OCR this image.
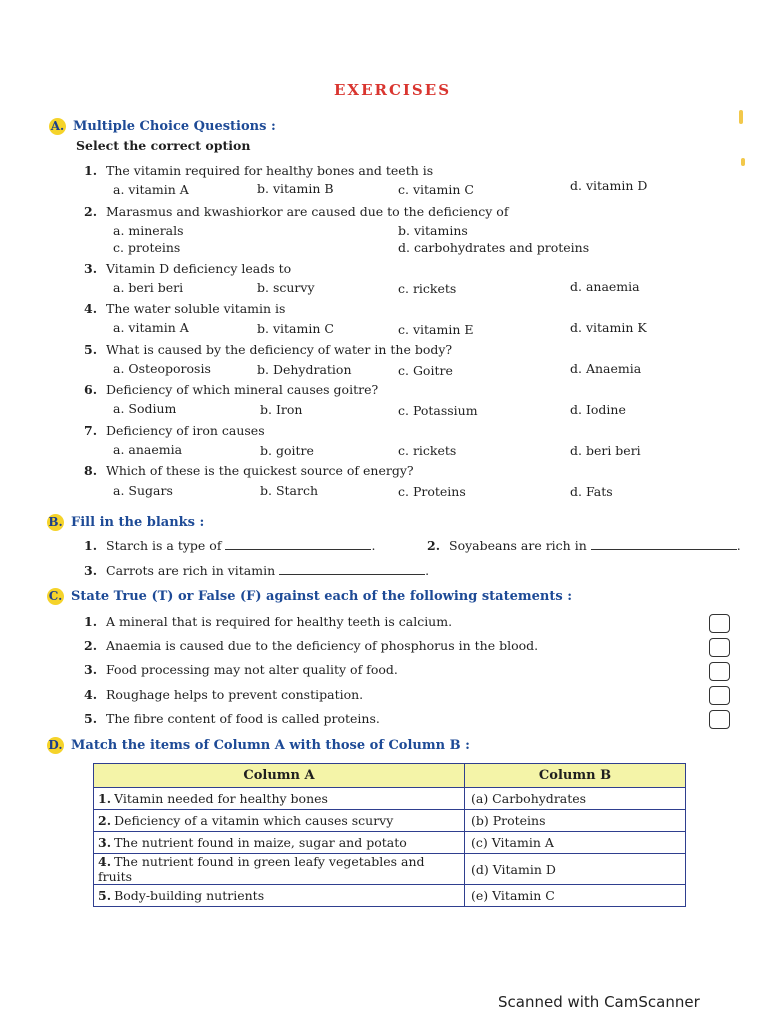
EXERCISES
A. Multiple Choice Questions :
Select the correct option
1. The vitamin required for healthy bones and teeth is
a. vitamin A	b. vitamin B	c. vitamin C	d. vitamin D
2. Marasmus and kwashiorkor are caused due to the deficiency of
a. minerals	b. vitamins
c. proteins	d. carbohydrates and proteins
3. Vitamin D deficiency leads to
a. beri beri	b. scurvy	c. rickets	d. anaemia
4. The water soluble vitamin is
a. vitamin A	b. vitamin C	c. vitamin E	d. vitamin K
5. What is caused by the deficiency of water in the body?
a. Osteoporosis	b. Dehydration	c. Goitre	d. Anaemia
6. Deficiency of which mineral causes goitre?
a. Sodium	b. Iron	c. Potassium	d. Iodine
7. Deficiency of iron causes
a. anaemia	b. goitre	c. rickets	d. beri beri
8. Which of these is the quickest source of energy?
a. Sugars	b. Starch	c. Proteins	d. Fats
B. Fill in the blanks :
1. Starch is a type of	.	2. Soyabeans are rich in	.
3. Carrots are rich in vitamin	.
C. State True (T) or False (F) against each of the following statements :
1. A mineral that is required for healthy teeth is calcium.
2. Anaemia is caused due to the deficiency of phosphorus in the blood.
3. Food processing may not alter quality of food.
4. Roughage helps to prevent constipation.
5. The fibre content of food is called proteins.
D. Match the items of Column A with those of Column B :
Column A	Column B
1. Vitamin needed for healthy bones	(a) Carbohydrates
2. Deficiency of a vitamin which causes scurvy	(b) Proteins
3. The nutrient found in maize, sugar and potato	(c) Vitamin A
4. The nutrient found in green leafy vegetables and fruits	(d) Vitamin D
5. Body-building nutrients	(e) Vitamin C
Scanned with CamScanner
